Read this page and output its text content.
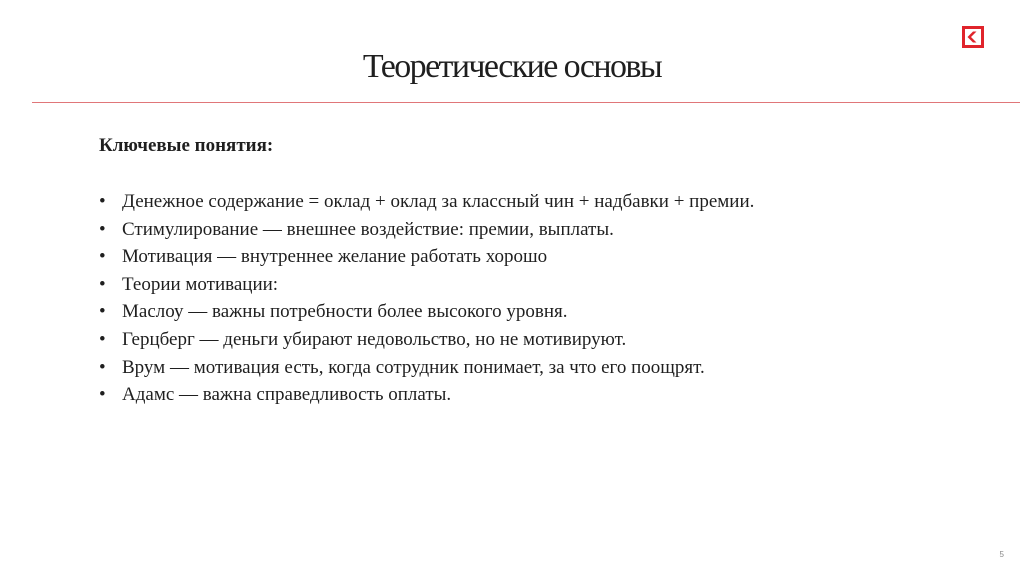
Теоретические основы
Ключевые понятия:
• Денежное содержание = оклад + оклад за классный чин + надбавки + премии.
• Стимулирование — внешнее воздействие: премии, выплаты.
• Мотивация — внутреннее желание работать хорошо
• Теории мотивации:
• Маслоу — важны потребности более высокого уровня.
• Герцберг — деньги убирают недовольство, но не мотивируют.
• Врум — мотивация есть, когда сотрудник понимает, за что его поощрят.
• Адамс — важна справедливость оплаты.
5
